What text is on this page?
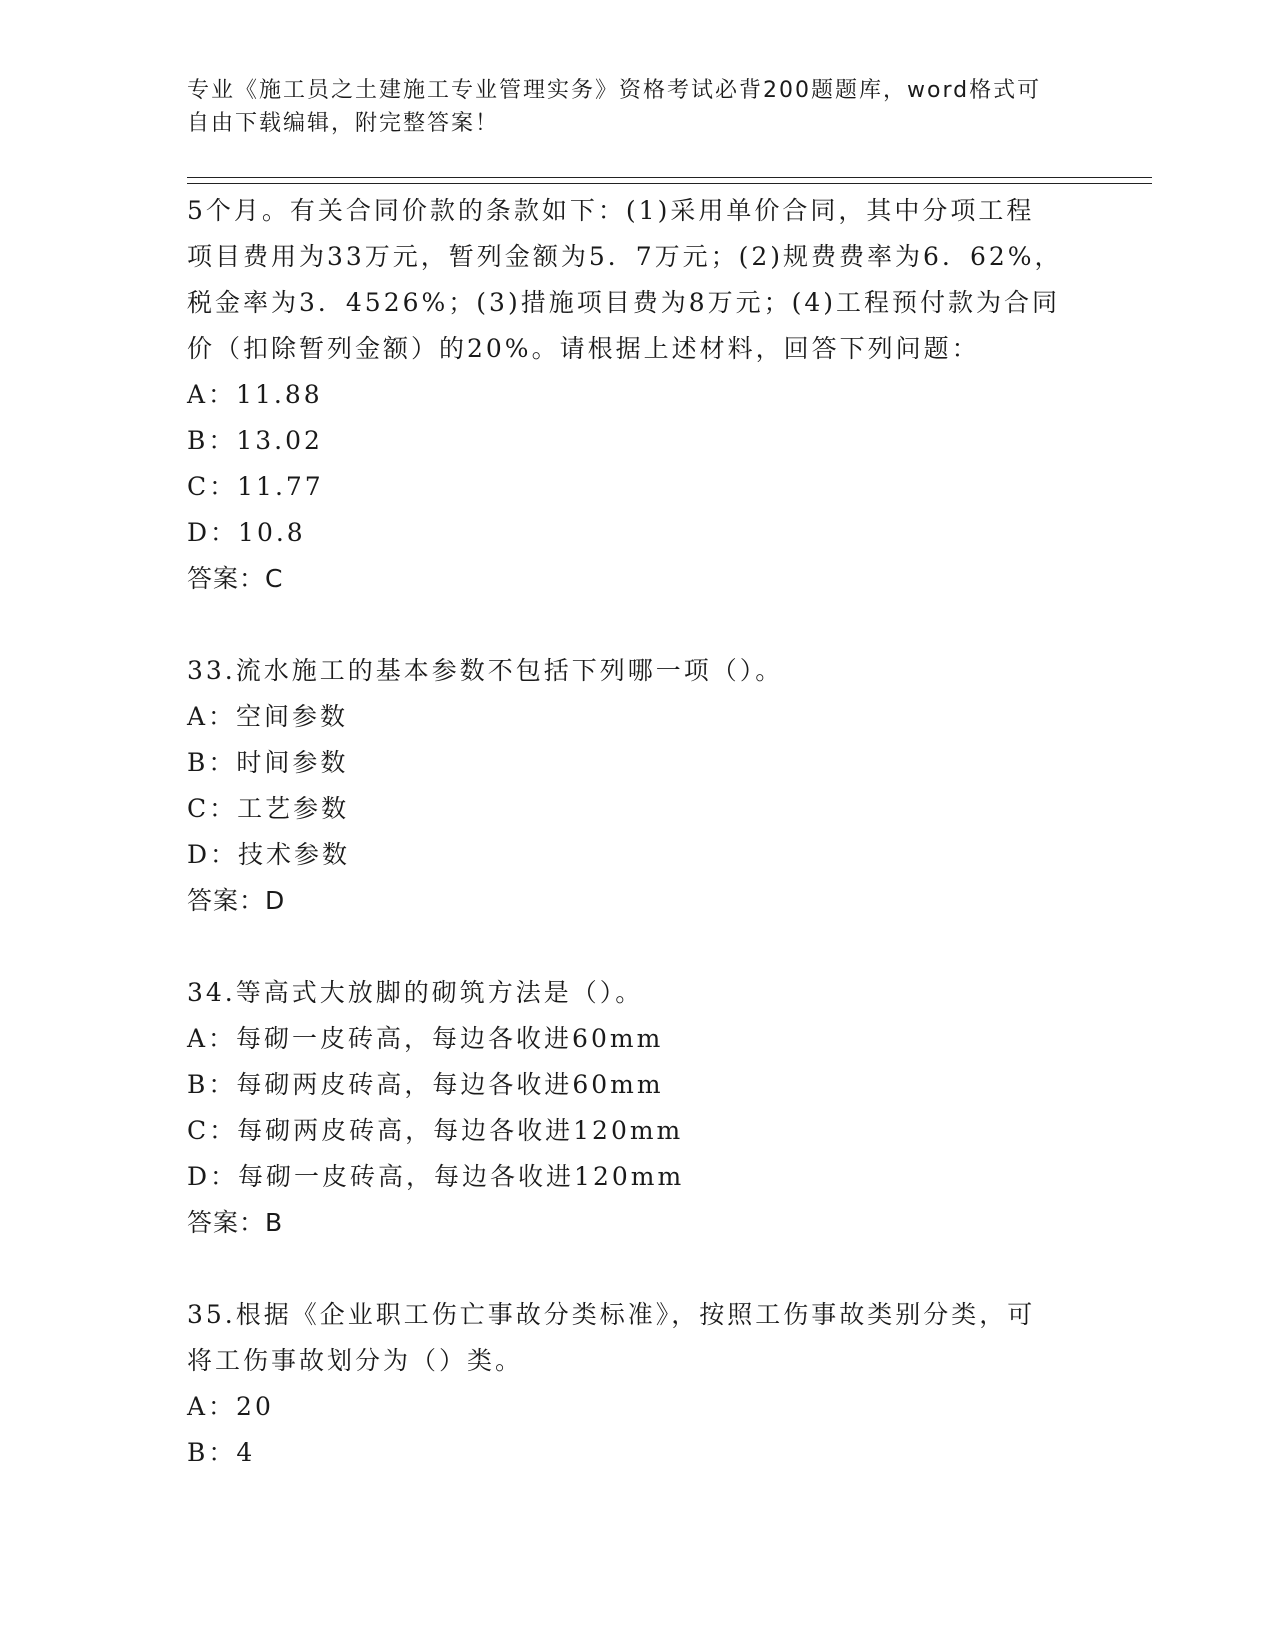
专业《施工员之土建施工专业管理实务》资格考试必背200题题库，word格式可
自由下载编辑，附完整答案！
5个月。有关合同价款的条款如下：(1)采用单价合同，其中分项工程
项目费用为33万元，暂列金额为5．7万元；(2)规费费率为6．62%，
税金率为3．4526%；(3)措施项目费为8万元；(4)工程预付款为合同
价（扣除暂列金额）的20%。请根据上述材料，回答下列问题：
A：11.88
B：13.02
C：11.77
D：10.8
答案：C
33.流水施工的基本参数不包括下列哪一项（）。
A：空间参数
B：时间参数
C：工艺参数
D：技术参数
答案：D
34.等高式大放脚的砌筑方法是（）。
A：每砌一皮砖高，每边各收进60mm
B：每砌两皮砖高，每边各收进60mm
C：每砌两皮砖高，每边各收进120mm
D：每砌一皮砖高，每边各收进120mm
答案：B
35.根据《企业职工伤亡事故分类标准》，按照工伤事故类别分类，可
将工伤事故划分为（）类。
A：20
B：4
